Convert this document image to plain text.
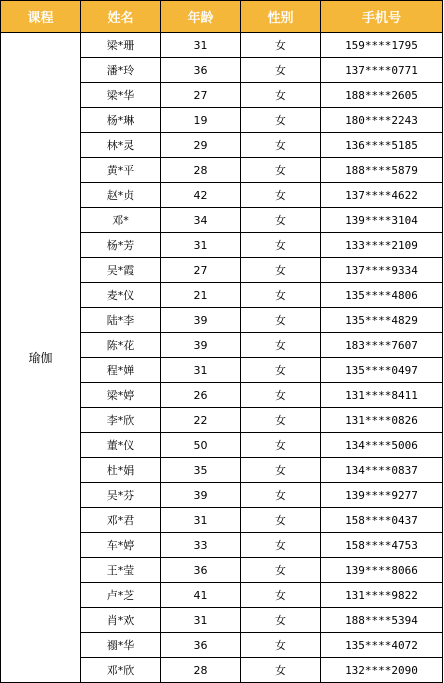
课程	姓名	年龄	性别	手机号
瑜伽	梁*珊	31	女	159****1795
	潘*玲	36	女	137****0771
	梁*华	27	女	188****2605
	杨*琳	19	女	180****2243
	林*灵	29	女	136****5185
	黄*平	28	女	188****5879
	赵*贞	42	女	137****4622
	邓*	34	女	139****3104
	杨*芳	31	女	133****2109
	吴*霞	27	女	137****9334
	麦*仪	21	女	135****4806
	陆*李	39	女	135****4829
	陈*花	39	女	183****7607
	程*婵	31	女	135****0497
	梁*婷	26	女	131****8411
	李*欣	22	女	131****0826
	董*仪	50	女	134****5006
	杜*娟	35	女	134****0837
	吴*芬	39	女	139****9277
	邓*君	31	女	158****0437
	车*婷	33	女	158****4753
	王*莹	36	女	139****8066
	卢*芝	41	女	131****9822
	肖*欢	31	女	188****5394
	禤*华	36	女	135****4072
	邓*欣	28	女	132****2090
